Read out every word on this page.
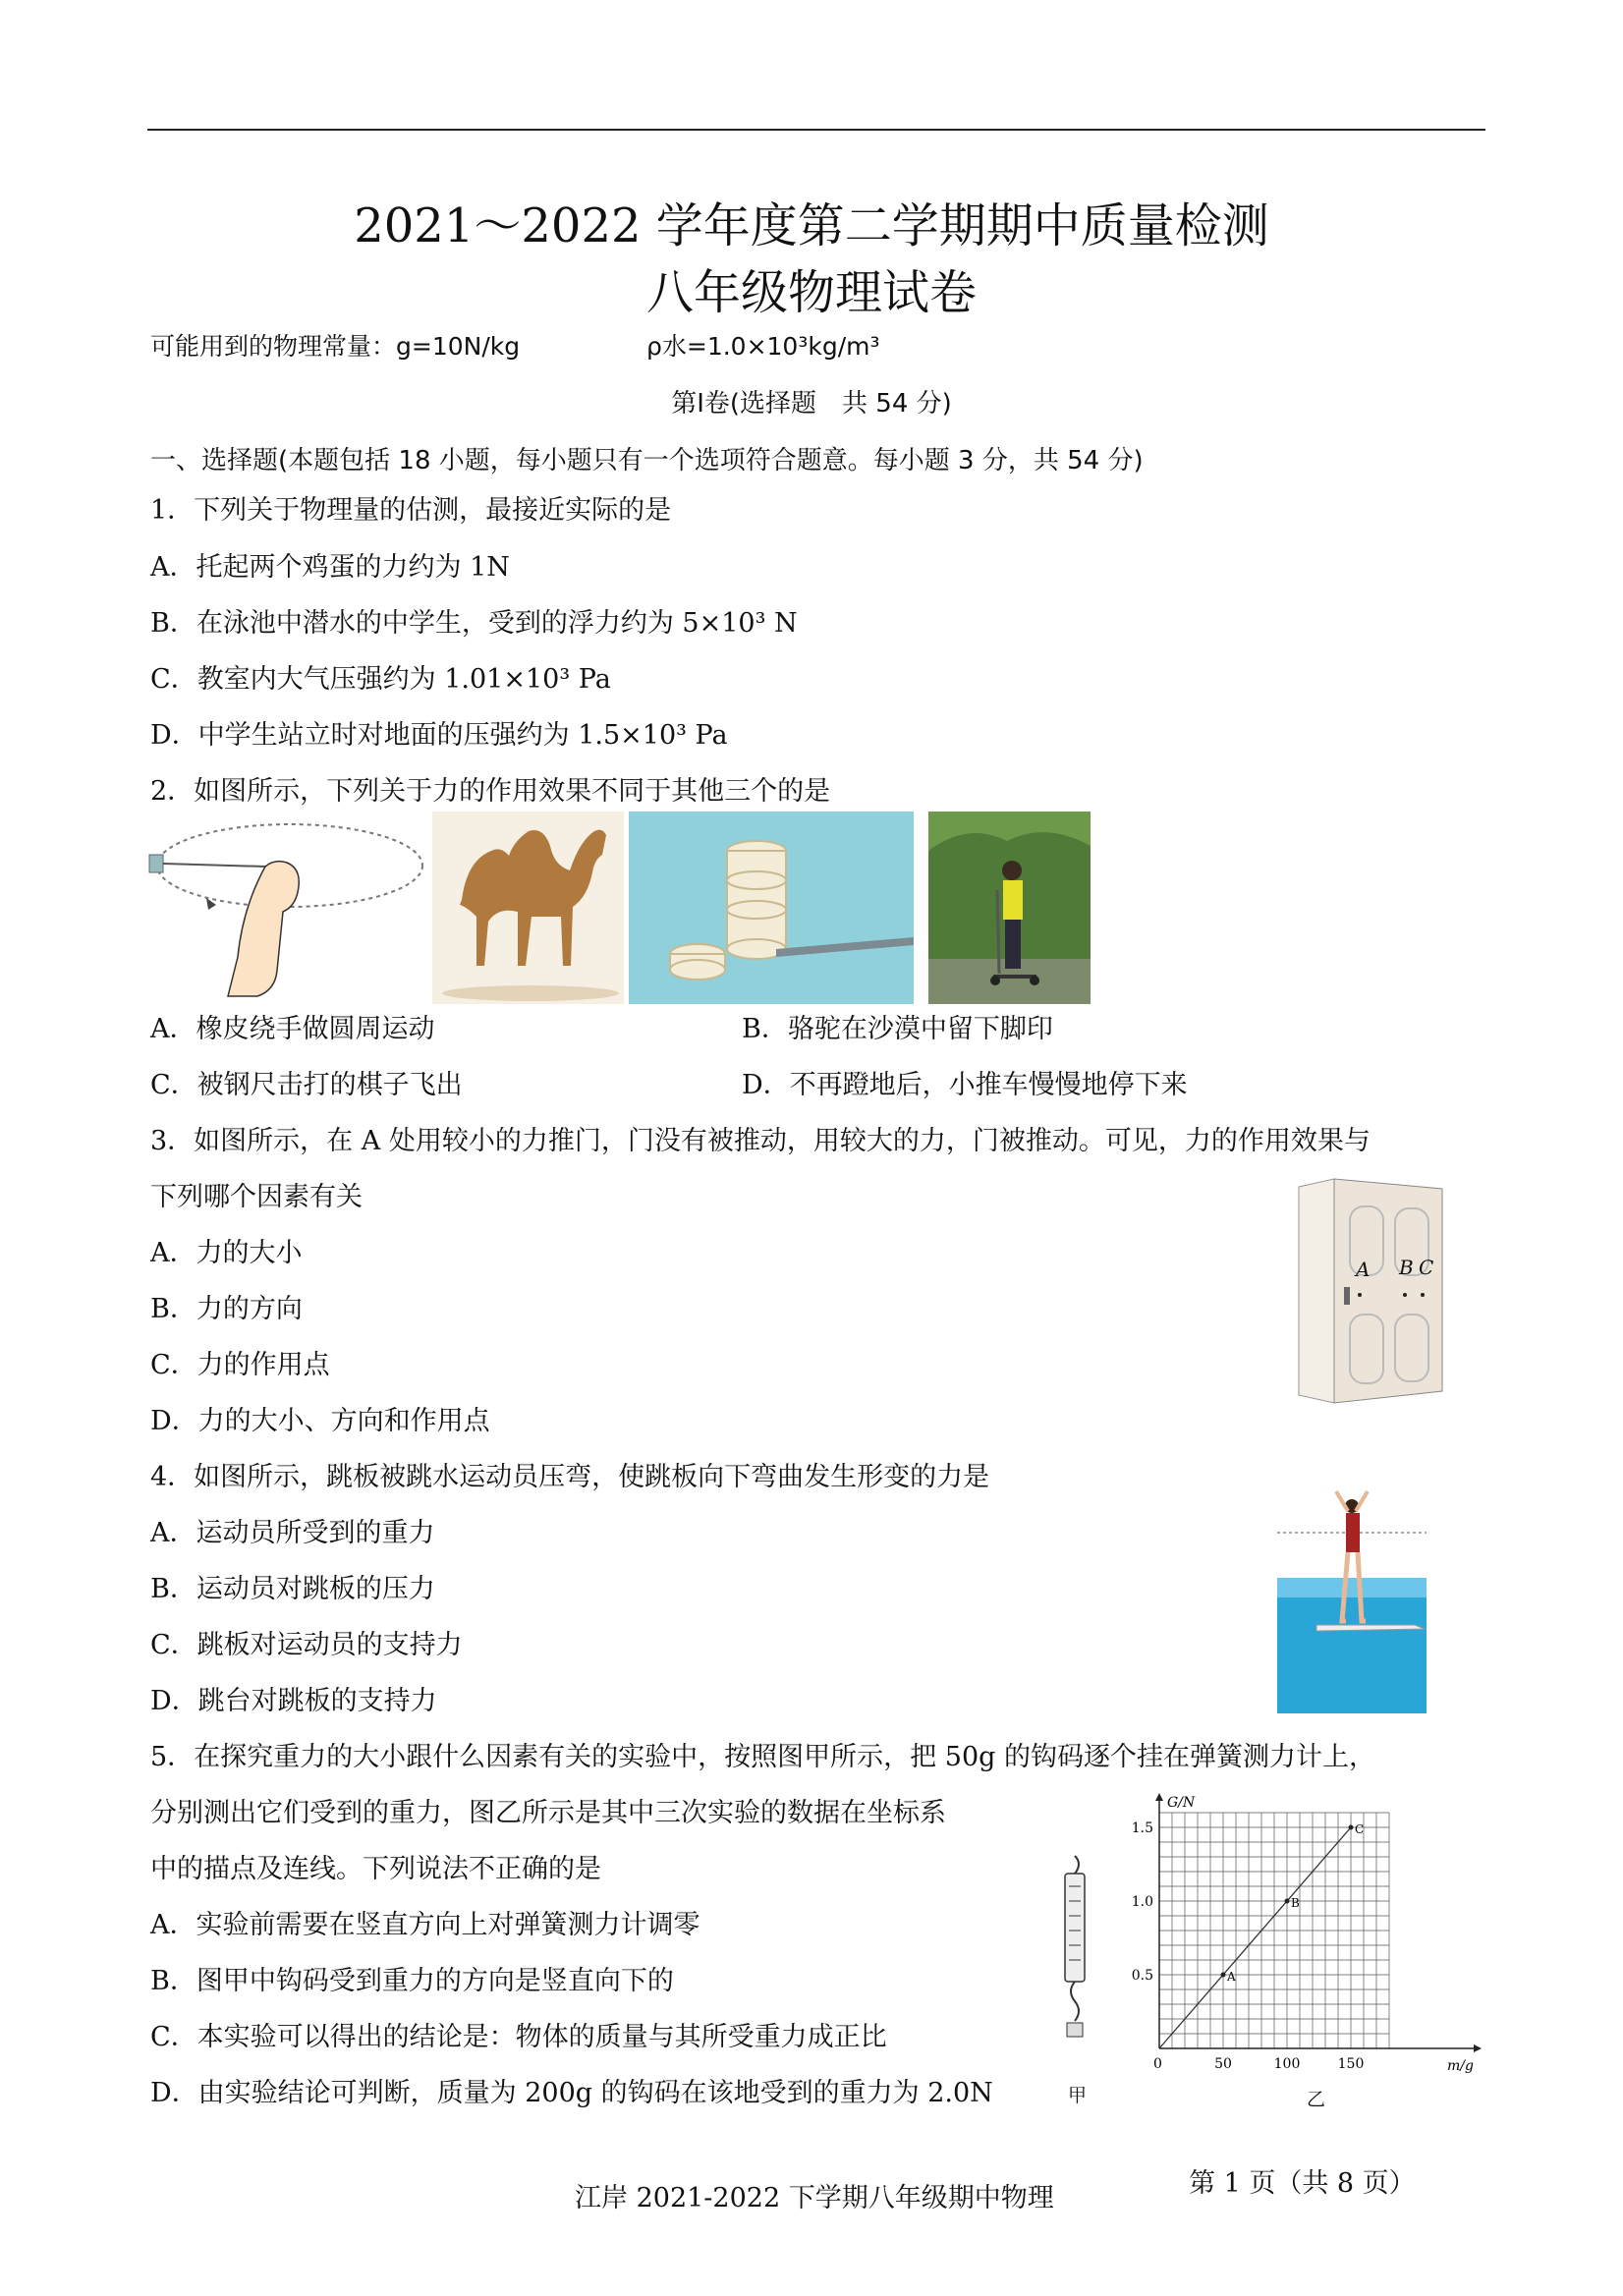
2021～2022 学年度第二学期期中质量检测
八年级物理试卷
可能用到的物理常量：g=10N/kg	ρ水=1.0×10³kg/m³
第Ⅰ卷(选择题　共 54 分)
一、选择题(本题包括 18 小题，每小题只有一个选项符合题意。每小题 3 分，共 54 分)
1．下列关于物理量的估测，最接近实际的是
A．托起两个鸡蛋的力约为 1N
B．在泳池中潜水的中学生，受到的浮力约为 5×10³ N
C．教室内大气压强约为 1.01×10³ Pa
D．中学生站立时对地面的压强约为 1.5×10³ Pa
2．如图所示，下列关于力的作用效果不同于其他三个的是
A．橡皮绕手做圆周运动	B．骆驼在沙漠中留下脚印
C．被钢尺击打的棋子飞出	D．不再蹬地后，小推车慢慢地停下来
3．如图所示，在 A 处用较小的力推门，门没有被推动，用较大的力，门被推动。可见，力的作用效果与
下列哪个因素有关
A．力的大小
B．力的方向
C．力的作用点
D．力的大小、方向和作用点
A B C
4．如图所示，跳板被跳水运动员压弯，使跳板向下弯曲发生形变的力是
A．运动员所受到的重力
B．运动员对跳板的压力
C．跳板对运动员的支持力
D．跳台对跳板的支持力
5．在探究重力的大小跟什么因素有关的实验中，按照图甲所示，把 50g 的钩码逐个挂在弹簧测力计上，
分别测出它们受到的重力，图乙所示是其中三次实验的数据在坐标系
中的描点及连线。下列说法不正确的是
A．实验前需要在竖直方向上对弹簧测力计调零
B．图甲中钩码受到重力的方向是竖直向下的
C．本实验可以得出的结论是：物体的质量与其所受重力成正比
D．由实验结论可判断，质量为 200g 的钩码在该地受到的重力为 2.0N	甲
A
B
C
G/N
m/g
0	50	100	150
0.5
1.0
1.5
乙
江岸 2021-2022 下学期八年级期中物理	第 1 页（共 8 页）
